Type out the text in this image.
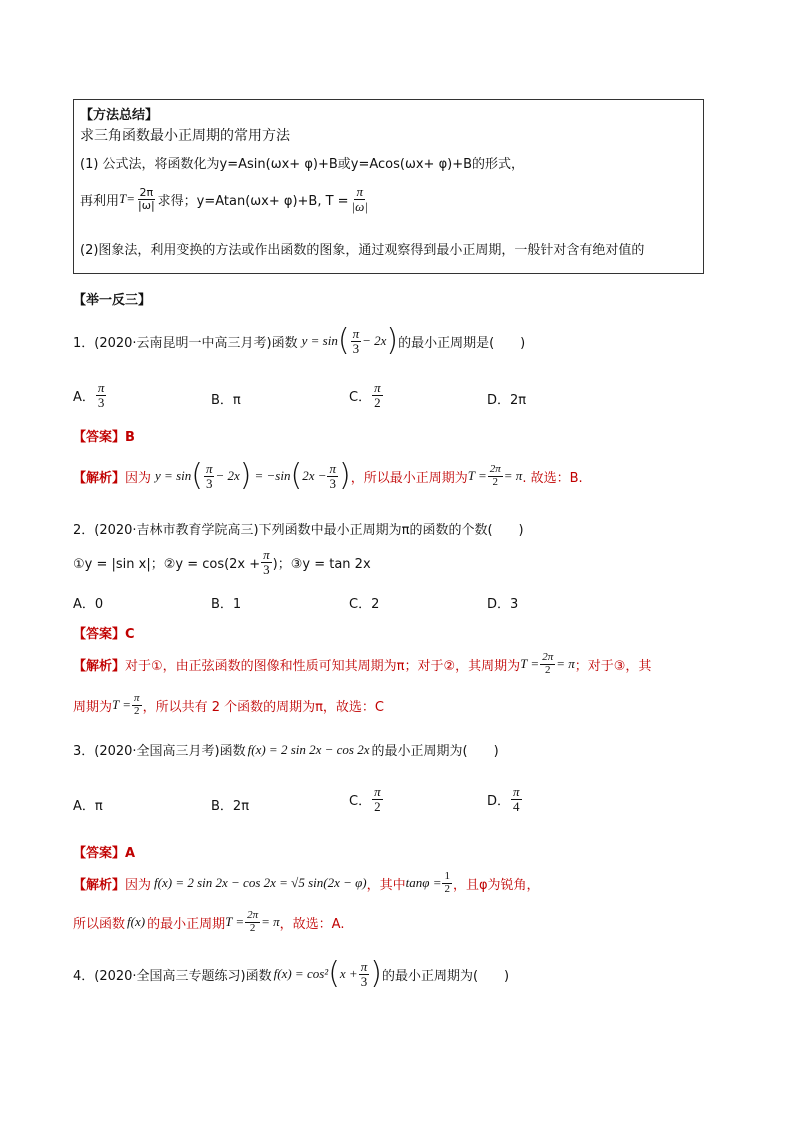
【方法总结】
求三角函数最小正周期的常用方法
(1) 公式法，将函数化为y=Asin(ωx+ φ)+B或y=Acos(ωx+ φ)+B的形式，
再利用 $T= \frac{2\pi}{|\omega|}$ 求得；y=Atan(ωx+ φ)+B, $T = \frac{\pi}{|\omega|}$
(2)图象法，利用变换的方法或作出函数的图象，通过观察得到最小正周期，一般针对含有绝对值的
【举一反三】
1．(2020·云南昆明一中高三月考)函数 y = sin ( $\frac{\pi}{3} - 2x$ ) 的最小正周期是(　　)
A． $\frac{\pi}{3}$	B．π	C． $\frac{\pi}{2}$	D．2π
【答案】B
【解析】 因为 y = sin ( $\frac{\pi}{3} - 2x$ ) = −sin ( $2x - \frac{\pi}{3}$ ) ，所以最小正周期为 $T = \frac{2\pi}{2} = \pi$ . 故选：B.
2．(2020·吉林市教育学院高三)下列函数中最小正周期为π的函数的个数(　　)
①y = |sin x|；②y = $\cos(2x + \frac{\pi}{3}$ )；③y = tan 2x
A．0	B．1	C．2	D．3
【答案】C
【解析】 对于①，由正弦函数的图像和性质可知其周期为π；对于②，其周期为 $T = \frac{2\pi}{2} = \pi$ ；对于③，其
周期为 $T = \frac{\pi}{2}$ ，所以共有 2 个函数的周期为π，故选：C
3．(2020·全国高三月考)函数 f(x) = 2 sin 2x − cos 2x 的最小正周期为(　　)
A．π	B．2π	C． $\frac{\pi}{2}$	D． $\frac{\pi}{4}$
【答案】A
【解析】 因为 f(x) = 2 sin 2x − cos 2x = √5 sin(2x − φ) ，其中 $\tan\varphi = \frac{1}{2}$ ，且φ为锐角，
所以函数 f(x) 的最小正周期 $T = \frac{2\pi}{2} = \pi$ ，故选：A.
4．(2020·全国高三专题练习)函数 f(x) = cos² ( $x + \frac{\pi}{3}$ ) 的最小正周期为(　　)
